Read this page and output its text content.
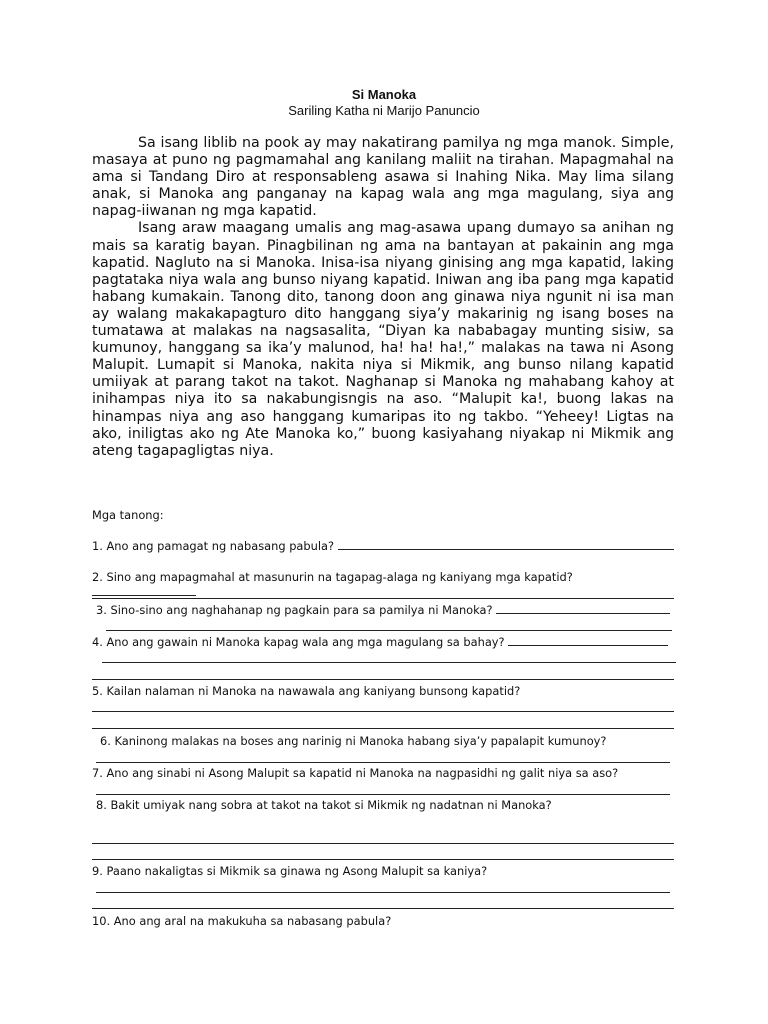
Si Manoka
Sariling Katha ni Marijo Panuncio

Sa isang liblib na pook ay may nakatirang pamilya ng mga manok. Simple, masaya at puno ng pagmamahal ang kanilang maliit na tirahan. Mapagmahal na ama si Tandang Diro at responsableng asawa si Inahing Nika. May lima silang anak, si Manoka ang panganay na kapag wala ang mga magulang, siya ang napag-iiwanan ng mga kapatid.

Isang araw maagang umalis ang mag-asawa upang dumayo sa anihan ng mais sa karatig bayan. Pinagbilinan ng ama na bantayan at pakainin ang mga kapatid. Nagluto na si Manoka. Inisa-isa niyang ginising ang mga kapatid, laking pagtataka niya wala ang bunso niyang kapatid. Iniwan ang iba pang mga kapatid habang kumakain. Tanong dito, tanong doon ang ginawa niya ngunit ni isa man ay walang makakapagturo dito hanggang siya’y makarinig ng isang boses na tumatawa at malakas na nagsasalita, “Diyan ka nababagay munting sisiw, sa kumunoy, hanggang sa ika’y malunod, ha! ha! ha!,” malakas na tawa ni Asong Malupit. Lumapit si Manoka, nakita niya si Mikmik, ang bunso nilang kapatid umiiyak at parang takot na takot. Naghanap si Manoka ng mahabang kahoy at inihampas niya ito sa nakabungisngis na aso. “Malupit ka!, buong lakas na hinampas niya ang aso hanggang kumaripas ito ng takbo. “Yeheey! Ligtas na ako, iniligtas ako ng Ate Manoka ko,” buong kasiyahang niyakap ni Mikmik ang ateng tagapagligtas niya.

Mga tanong:
1. Ano ang pamagat ng nabasang pabula?
2. Sino ang mapagmahal at masunurin na tagapag-alaga ng kaniyang mga kapatid?
3. Sino-sino ang naghahanap ng pagkain para sa pamilya ni Manoka?
4. Ano ang gawain ni Manoka kapag wala ang mga magulang sa bahay?
5. Kailan nalaman ni Manoka na nawawala ang kaniyang bunsong kapatid?
6. Kaninong malakas na boses ang narinig ni Manoka habang siya’y papalapit kumunoy?
7. Ano ang sinabi ni Asong Malupit sa kapatid ni Manoka na nagpasidhi ng galit niya sa aso?
8. Bakit umiyak nang sobra at takot na takot si Mikmik ng nadatnan ni Manoka?
9. Paano nakaligtas si Mikmik sa ginawa ng Asong Malupit sa kaniya?
10. Ano ang aral na makukuha sa nabasang pabula?
